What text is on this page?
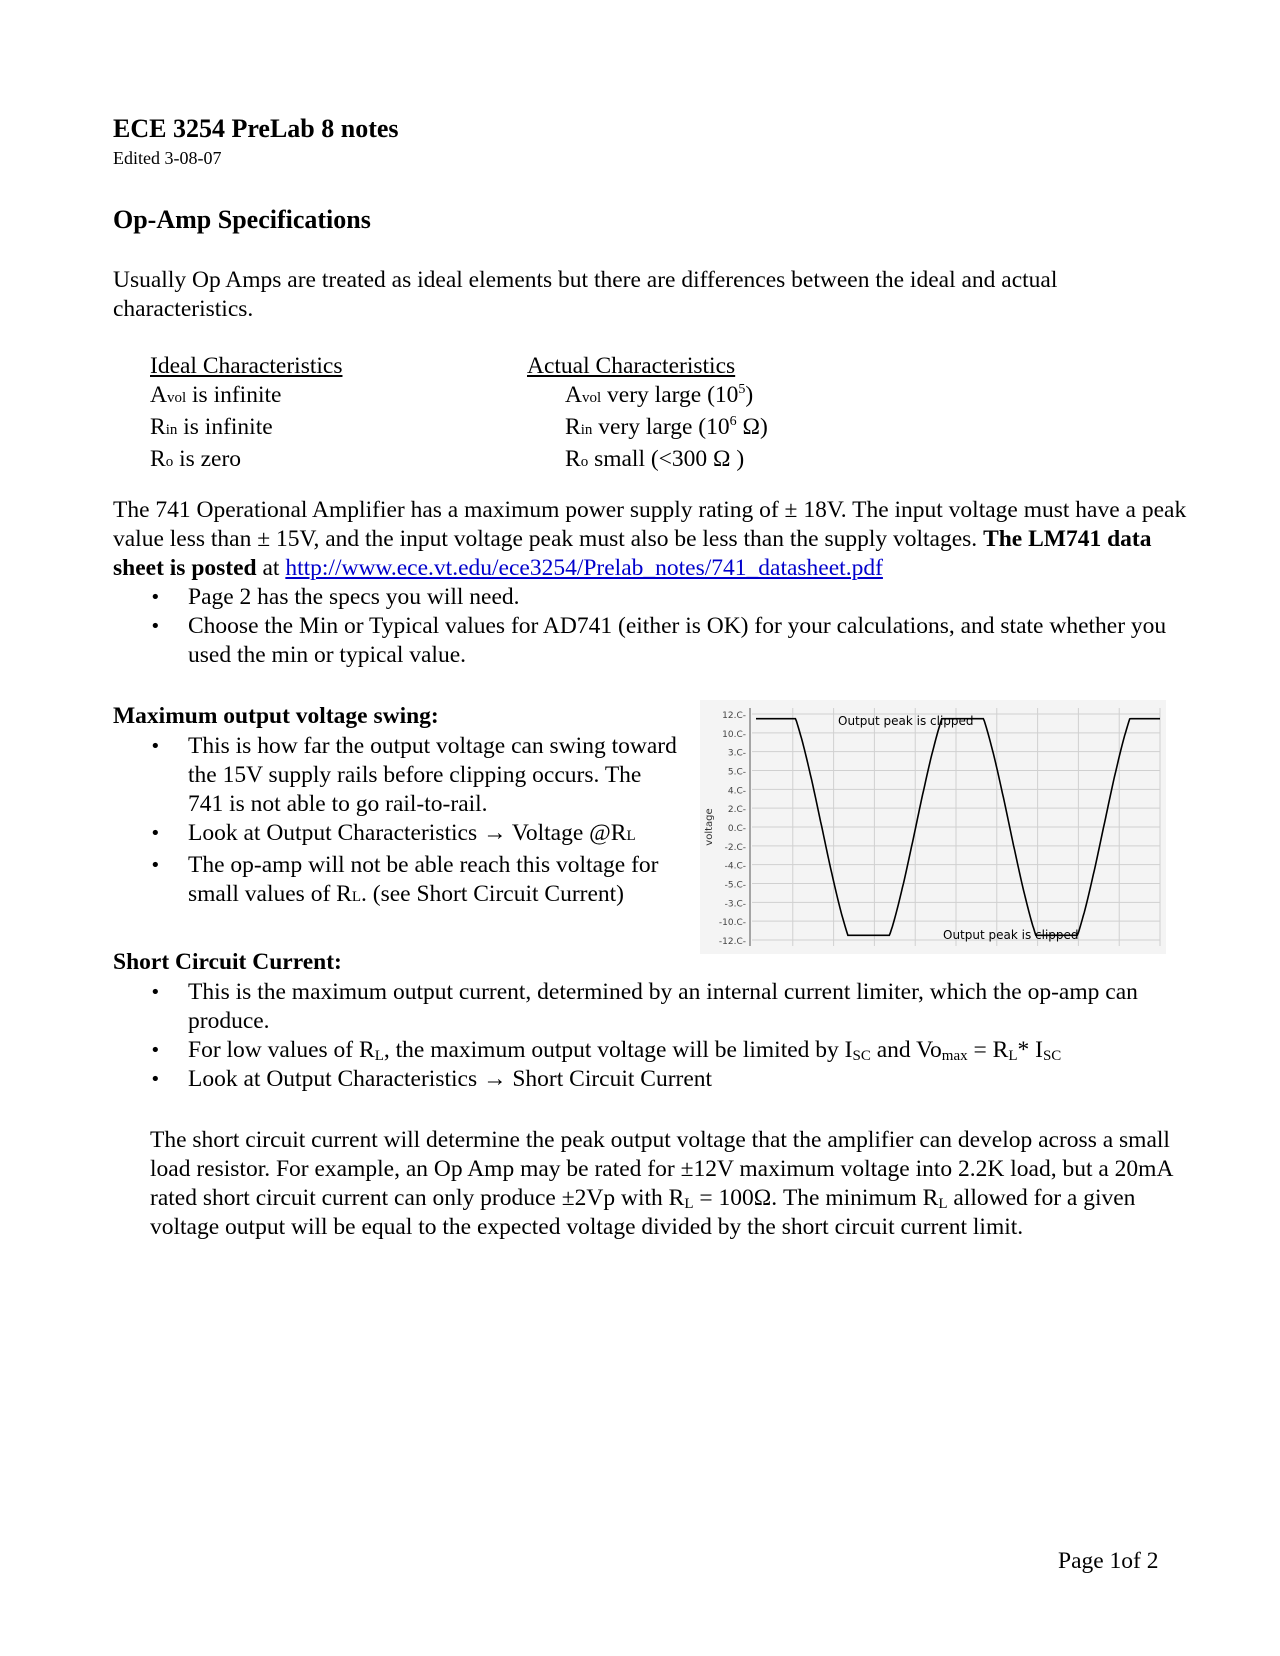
ECE 3254 PreLab 8 notes
Edited 3-08-07
Op-Amp Specifications
Usually Op Amps are treated as ideal elements but there are differences between the ideal and actual characteristics.
Ideal Characteristics
Avol is infinite
Rin is infinite
Ro is zero
Actual Characteristics
Avol very large $(10^5)$
Rin very large ($10^6$ Ω)
Ro small (<300 Ω )
The 741 Operational Amplifier has a maximum power supply rating of ± 18V. The input voltage must have a peak value less than ± 15V, and the input voltage peak must also be less than the supply voltages. The LM741 data sheet is posted at http://www.ece.vt.edu/ece3254/Prelab_notes/741_datasheet.pdf
• Page 2 has the specs you will need.
• Choose the Min or Typical values for AD741 (either is OK) for your calculations, and state whether you used the min or typical value.
Maximum output voltage swing:
• This is how far the output voltage can swing toward the 15V supply rails before clipping occurs. The 741 is not able to go rail-to-rail.
• Look at Output Characteristics → Voltage @RL
• The op-amp will not be able reach this voltage for small values of RL. (see Short Circuit Current)
12.C-
10.C-
3.C-
5.C-
4.C-
2.C-
0.C-
-2.C-
-4.C-
-5.C-
-3.C-
-10.C-
-12.C-
voltage
Output peak is clipped
Output peak is clipped
Short Circuit Current:
• This is the maximum output current, determined by an internal current limiter, which the op-amp can produce.
• For low values of RL, the maximum output voltage will be limited by ISC and Vomax = RL* ISC
• Look at Output Characteristics → Short Circuit Current
The short circuit current will determine the peak output voltage that the amplifier can develop across a small load resistor. For example, an Op Amp may be rated for ±12V maximum voltage into 2.2K load, but a 20mA rated short circuit current can only produce ±2Vp with RL = 100Ω. The minimum RL allowed for a given voltage output will be equal to the expected voltage divided by the short circuit current limit.
Page 1of 2
